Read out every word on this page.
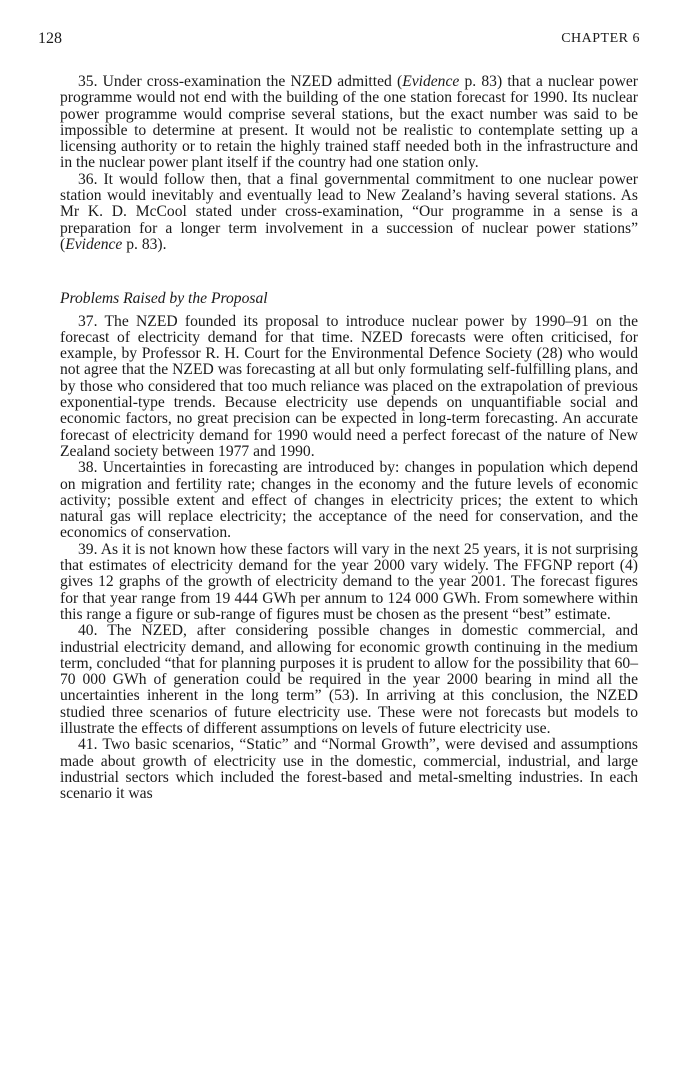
128	CHAPTER 6

35. Under cross-examination the NZED admitted (Evidence p. 83) that a nuclear power programme would not end with the building of the one station forecast for 1990. Its nuclear power programme would comprise several stations, but the exact number was said to be impossible to determine at present. It would not be realistic to contemplate setting up a licensing authority or to retain the highly trained staff needed both in the infrastructure and in the nuclear power plant itself if the country had one station only.

36. It would follow then, that a final governmental commitment to one nuclear power station would inevitably and eventually lead to New Zealand’s having several stations. As Mr K. D. McCool stated under cross-examination, “Our programme in a sense is a preparation for a longer term involvement in a succession of nuclear power stations” (Evidence p. 83).

Problems Raised by the Proposal

37. The NZED founded its proposal to introduce nuclear power by 1990–91 on the forecast of electricity demand for that time. NZED forecasts were often criticised, for example, by Professor R. H. Court for the Environmental Defence Society (28) who would not agree that the NZED was forecasting at all but only formulating self-fulfilling plans, and by those who considered that too much reliance was placed on the extrapolation of previous exponential-type trends. Because electricity use depends on unquantifiable social and economic factors, no great precision can be expected in long-term forecasting. An accurate forecast of electricity demand for 1990 would need a perfect forecast of the nature of New Zealand society between 1977 and 1990.

38. Uncertainties in forecasting are introduced by: changes in population which depend on migration and fertility rate; changes in the economy and the future levels of economic activity; possible extent and effect of changes in electricity prices; the extent to which natural gas will replace electricity; the acceptance of the need for conservation, and the economics of conservation.

39. As it is not known how these factors will vary in the next 25 years, it is not surprising that estimates of electricity demand for the year 2000 vary widely. The FFGNP report (4) gives 12 graphs of the growth of electricity demand to the year 2001. The forecast figures for that year range from 19 444 GWh per annum to 124 000 GWh. From somewhere within this range a figure or sub-range of figures must be chosen as the present “best” estimate.

40. The NZED, after considering possible changes in domestic commercial, and industrial electricity demand, and allowing for economic growth continuing in the medium term, concluded “that for planning purposes it is prudent to allow for the possibility that 60–70 000 GWh of generation could be required in the year 2000 bearing in mind all the uncertainties inherent in the long term” (53). In arriving at this conclusion, the NZED studied three scenarios of future electricity use. These were not forecasts but models to illustrate the effects of different assumptions on levels of future electricity use.

41. Two basic scenarios, “Static” and “Normal Growth”, were devised and assumptions made about growth of electricity use in the domestic, commercial, industrial, and large industrial sectors which included the forest-based and metal-smelting industries. In each scenario it was
